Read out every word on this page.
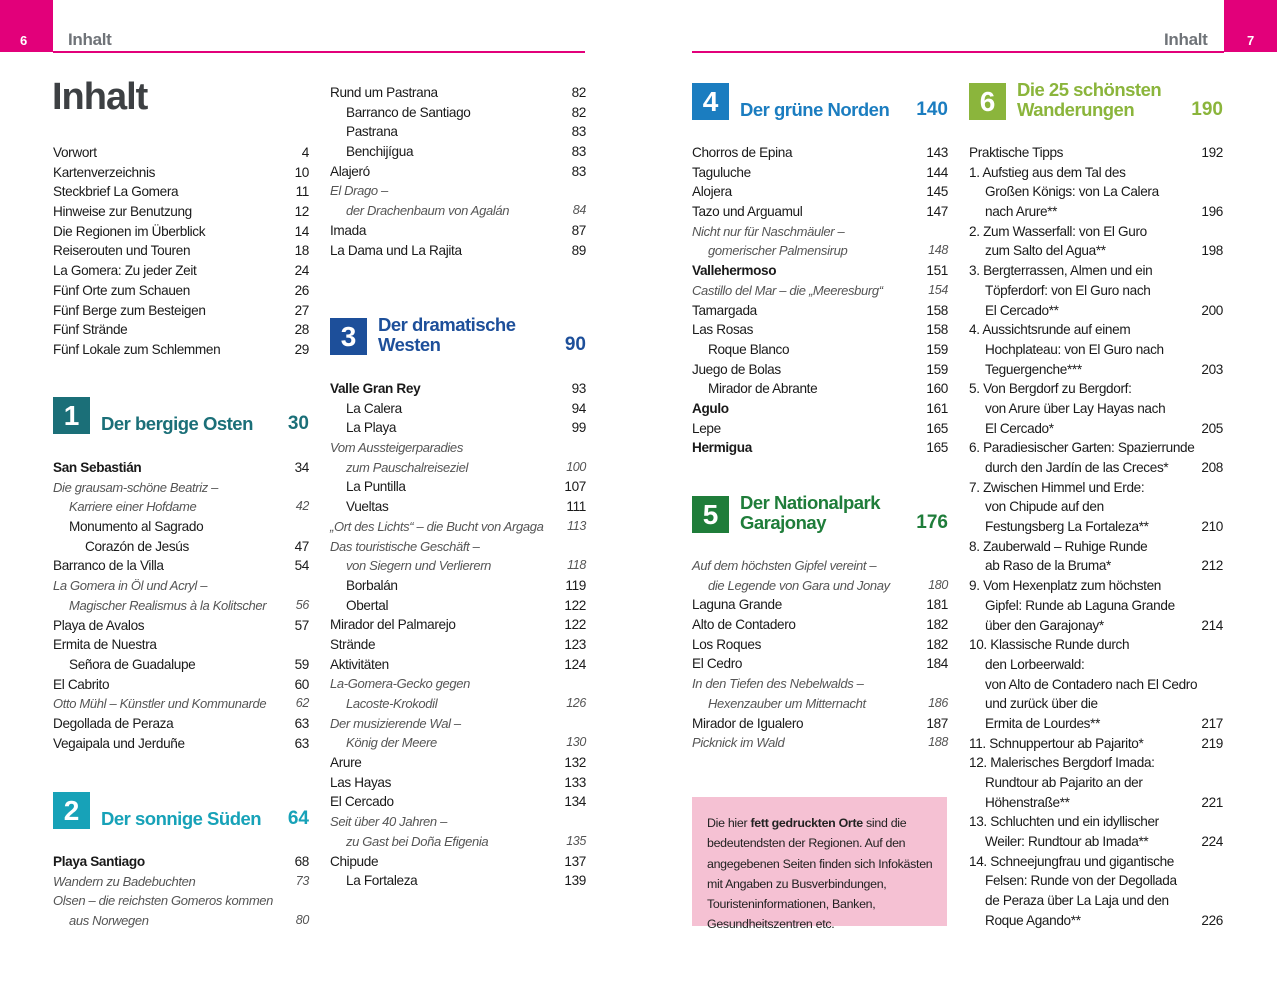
6 Inhalt	7
Inhalt
Inhalt
Vorwort	4
Kartenverzeichnis	10
Steckbrief La Gomera	11
Hinweise zur Benutzung	12
Die Regionen im Überblick	14
Reiserouten und Touren	18
La Gomera: Zu jeder Zeit	24
Fünf Orte zum Schauen	26
Fünf Berge zum Besteigen	27
Fünf Strände	28
Fünf Lokale zum Schlemmen	29
1	Der bergige Osten 30
San Sebastián	34
Die grausam-schöne Beatriz –
Karriere einer Hofdame	42
Monumento al Sagrado
Corazón de Jesús	47
Barranco de la Villa	54
La Gomera in Öl und Acryl –
Magischer Realismus à la Kolitscher 56
Playa de Avalos	57
Ermita de Nuestra
Señora de Guadalupe	59
El Cabrito	60
Otto Mühl – Künstler und Kommunarde 62
Degollada de Peraza	63
Vegaipala und Jerduñe	63
2	Der sonnige Süden 64
Playa Santiago	68
Wandern zu Badebuchten	73
Olsen – die reichsten Gomeros kommen
aus Norwegen	80
Rund um Pastrana	82
Barranco de Santiago	82
Pastrana	83
Benchijígua	83
Alajeró	83
El Drago –
der Drachenbaum von Agalán	84
Imada	87
La Dama und La Rajita	89
3	Der dramatische
Westen	90
Valle Gran Rey	93
La Calera	94
La Playa	99
Vom Aussteigerparadies
zum Pauschalreiseziel	100
La Puntilla	107
Vueltas	111
„Ort des Lichts“ – die Bucht von Argaga 113
Das touristische Geschäft –
von Siegern und Verlierern	118
Borbalán	119
Obertal	122
Mirador del Palmarejo	122
Strände	123
Aktivitäten	124
La-Gomera-Gecko gegen
Lacoste-Krokodil	126
Der musizierende Wal –
König der Meere	130
Arure	132
Las Hayas	133
El Cercado	134
Seit über 40 Jahren –
zu Gast bei Doña Efigenia	135
Chipude	137
La Fortaleza	139
4	Der grüne Norden 140
Chorros de Epina	143
Taguluche	144
Alojera	145
Tazo und Arguamul	147
Nicht nur für Naschmäuler –
gomerischer Palmensirup	148
Vallehermoso	151
Castillo del Mar – die „Meeresburg“	154
Tamargada	158
Las Rosas	158
Roque Blanco	159
Juego de Bolas	159
Mirador de Abrante	160
Agulo	161
Lepe	165
Hermigua	165
5	Der Nationalpark
Garajonay	176
Auf dem höchsten Gipfel vereint –
die Legende von Gara und Jonay	180
Laguna Grande	181
Alto de Contadero	182
Los Roques	182
El Cedro	184
In den Tiefen des Nebelwalds –
Hexenzauber um Mitternacht	186
Mirador de Igualero	187
Picknick im Wald	188
Die hier fett gedruckten Orte sind die bedeutendsten der Regionen. Auf den angegebenen Seiten finden sich Infokästen mit Angaben zu Busverbindungen, Touristeninformationen, Banken, Gesundheitszentren etc.
6	Die 25 schönsten
Wanderungen	190
Praktische Tipps	192
1. Aufstieg aus dem Tal des
Großen Königs: von La Calera
nach Arure**	196
2. Zum Wasserfall: von El Guro
zum Salto del Agua**	198
3. Bergterrassen, Almen und ein
Töpferdorf: von El Guro nach
El Cercado**	200
4. Aussichtsrunde auf einem
Hochplateau: von El Guro nach
Teguergenche***	203
5. Von Bergdorf zu Bergdorf:
von Arure über Lay Hayas nach
El Cercado*	205
6. Paradiesischer Garten: Spazierrunde
durch den Jardín de las Creces* 208
7. Zwischen Himmel und Erde:
von Chipude auf den
Festungsberg La Fortaleza**	210
8. Zauberwald – Ruhige Runde
ab Raso de la Bruma*	212
9. Vom Hexenplatz zum höchsten
Gipfel: Runde ab Laguna Grande
über den Garajonay*	214
10. Klassische Runde durch
den Lorbeerwald:
von Alto de Contadero nach El Cedro
und zurück über die
Ermita de Lourdes**	217
11. Schnuppertour ab Pajarito*	219
12. Malerisches Bergdorf Imada:
Rundtour ab Pajarito an der
Höhenstraße**	221
13. Schluchten und ein idyllischer
Weiler: Rundtour ab Imada**	224
14. Schneejungfrau und gigantische
Felsen: Runde von der Degollada
de Peraza über La Laja und den
Roque Agando**	226
